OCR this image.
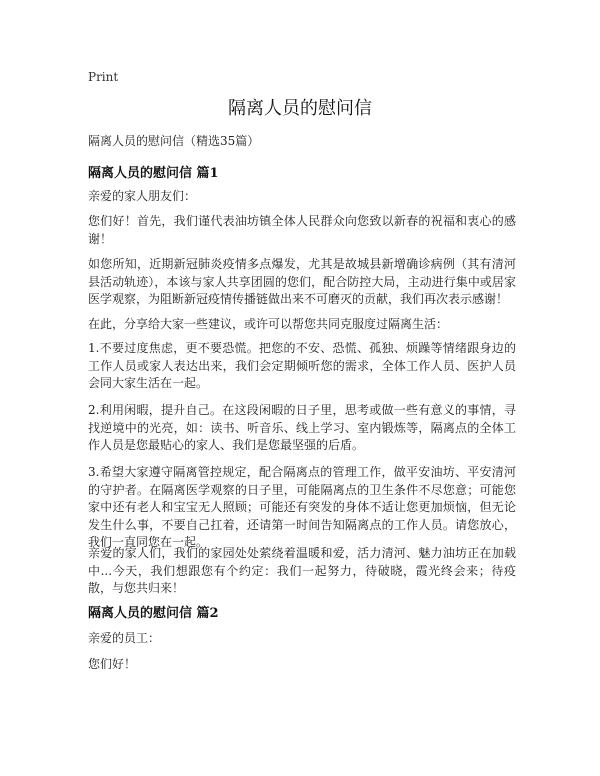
Print
隔离人员的慰问信
隔离人员的慰问信（精选35篇）
隔离人员的慰问信 篇1

亲爱的家人朋友们：

您们好！首先，我们谨代表油坊镇全体人民群众向您致以新春的祝福和衷心的感谢！

如您所知，近期新冠肺炎疫情多点爆发，尤其是故城县新增确诊病例（其有清河县活动轨迹），本该与家人共享团圆的您们，配合防控大局，主动进行集中或居家医学观察，为阻断新冠疫情传播链做出来不可磨灭的贡献，我们再次表示感谢！

在此，分享给大家一些建议，或许可以帮您共同克服度过隔离生活：

1.不要过度焦虑，更不要恐慌。把您的不安、恐慌、孤独、烦躁等情绪跟身边的工作人员或家人表达出来，我们会定期倾听您的需求，全体工作人员、医护人员会同大家生活在一起。

2.利用闲暇，提升自己。在这段闲暇的日子里，思考或做一些有意义的事情，寻找逆境中的光亮，如：读书、听音乐、线上学习、室内锻炼等，隔离点的全体工作人员是您最贴心的家人、我们是您最坚强的后盾。

3.希望大家遵守隔离管控规定，配合隔离点的管理工作，做平安油坊、平安清河的守护者。在隔离医学观察的日子里，可能隔离点的卫生条件不尽您意；可能您家中还有老人和宝宝无人照顾；可能还有突发的身体不适让您更加烦恼，但无论发生什么事，不要自己扛着，还请第一时间告知隔离点的工作人员。请您放心，我们一直同您在一起。

亲爱的家人们，我们的家园处处萦绕着温暖和爱，活力清河、魅力油坊正在加载中...今天，我们想跟您有个约定：我们一起努力，待破晓，霞光终会来；待疫散，与您共归来！

隔离人员的慰问信 篇2

亲爱的员工：

您们好！
